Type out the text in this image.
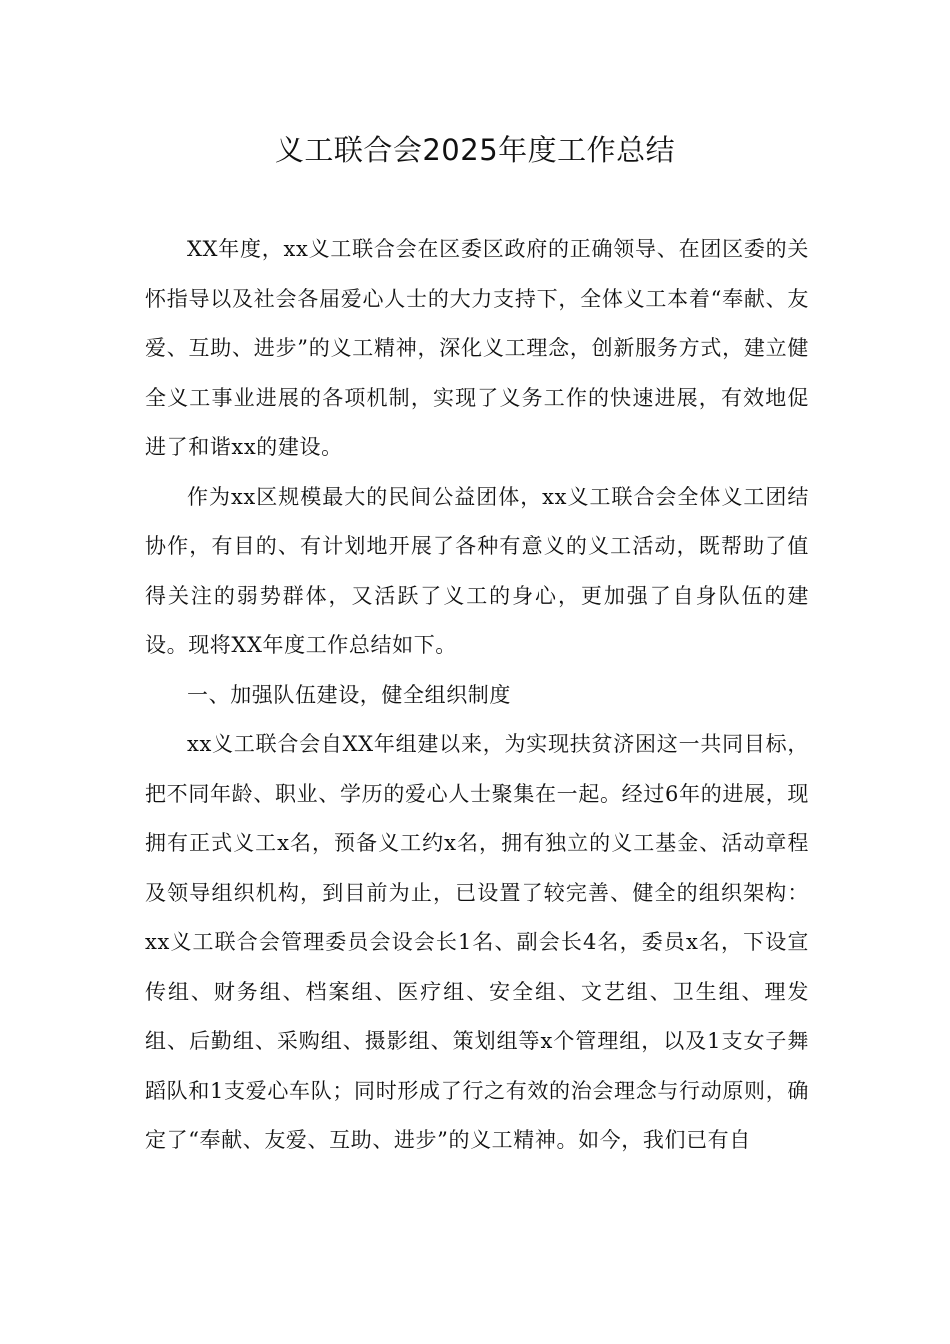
义工联合会2025年度工作总结

XX年度，xx义工联合会在区委区政府的正确领导、在团区委的关怀指导以及社会各届爱心人士的大力支持下，全体义工本着“奉献、友爱、互助、进步”的义工精神，深化义工理念，创新服务方式，建立健全义工事业进展的各项机制，实现了义务工作的快速进展，有效地促进了和谐xx的建设。

作为xx区规模最大的民间公益团体，xx义工联合会全体义工团结协作，有目的、有计划地开展了各种有意义的义工活动，既帮助了值得关注的弱势群体，又活跃了义工的身心，更加强了自身队伍的建设。现将XX年度工作总结如下。

一、加强队伍建设，健全组织制度

xx义工联合会自XX年组建以来，为实现扶贫济困这一共同目标，把不同年龄、职业、学历的爱心人士聚集在一起。经过6年的进展，现拥有正式义工x名，预备义工约x名，拥有独立的义工基金、活动章程及领导组织机构，到目前为止，已设置了较完善、健全的组织架构：xx义工联合会管理委员会设会长1名、副会长4名，委员x名，下设宣传组、财务组、档案组、医疗组、安全组、文艺组、卫生组、理发组、后勤组、采购组、摄影组、策划组等x个管理组，以及1支女子舞蹈队和1支爱心车队；同时形成了行之有效的治会理念与行动原则，确定了“奉献、友爱、互助、进步”的义工精神。如今，我们已有自
